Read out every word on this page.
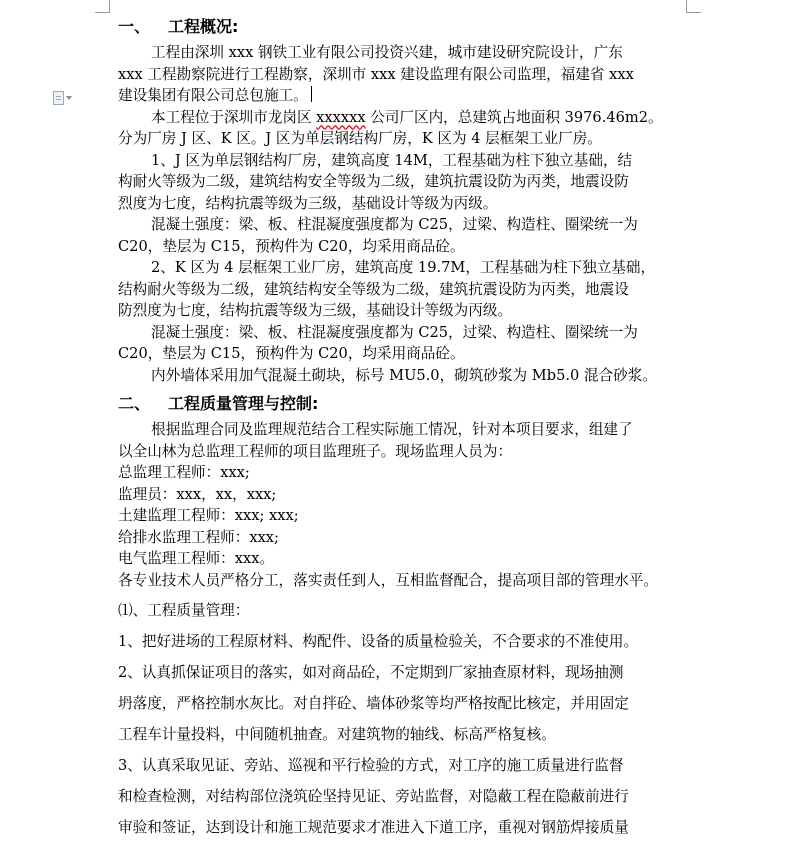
一、 工程概况:
工程由深圳 xxx 钢铁工业有限公司投资兴建，城市建设研究院设计，广东
xxx 工程勘察院进行工程勘察，深圳市 xxx 建设监理有限公司监理，福建省 xxx
建设集团有限公司总包施工。
本工程位于深圳市龙岗区 xxxxxx 公司厂区内，总建筑占地面积 3976.46m2。
分为厂房 J 区、K 区。J 区为单层钢结构厂房，K 区为 4 层框架工业厂房。
1、J 区为单层钢结构厂房，建筑高度 14M，工程基础为柱下独立基础，结
构耐火等级为二级，建筑结构安全等级为二级，建筑抗震设防为丙类，地震设防
烈度为七度，结构抗震等级为三级，基础设计等级为丙级。
混凝土强度：梁、板、柱混凝度强度都为 C25，过梁、构造柱、圈梁统一为
C20，垫层为 C15，预构件为 C20，均采用商品砼。
2、K 区为 4 层框架工业厂房，建筑高度 19.7M，工程基础为柱下独立基础，
结构耐火等级为二级，建筑结构安全等级为二级，建筑抗震设防为丙类，地震设
防烈度为七度，结构抗震等级为三级，基础设计等级为丙级。
混凝土强度：梁、板、柱混凝度强度都为 C25，过梁、构造柱、圈梁统一为
C20，垫层为 C15，预构件为 C20，均采用商品砼。
内外墙体采用加气混凝土砌块，标号 MU5.0，砌筑砂浆为 Mb5.0 混合砂浆。
二、 工程质量管理与控制:
根据监理合同及监理规范结合工程实际施工情况，针对本项目要求，组建了
以全山林为总监理工程师的项目监理班子。现场监理人员为：
总监理工程师：xxx;
监理员：xxx，xx，xxx;
土建监理工程师：xxx; xxx;
给排水监理工程师：xxx;
电气监理工程师：xxx。
各专业技术人员严格分工，落实责任到人，互相监督配合，提高项目部的管理水平。
⑴、工程质量管理：
1、把好进场的工程原材料、构配件、设备的质量检验关，不合要求的不准使用。
2、认真抓保证项目的落实，如对商品砼，不定期到厂家抽查原材料，现场抽测
坍落度，严格控制水灰比。对自拌砼、墙体砂浆等均严格按配比核定，并用固定
工程车计量投料，中间随机抽查。对建筑物的轴线、标高严格复核。
3、认真采取见证、旁站、巡视和平行检验的方式，对工序的施工质量进行监督
和检查检测，对结构部位浇筑砼坚持见证、旁站监督，对隐蔽工程在隐蔽前进行
审验和签证，达到设计和施工规范要求才准进入下道工序，重视对钢筋焊接质量
